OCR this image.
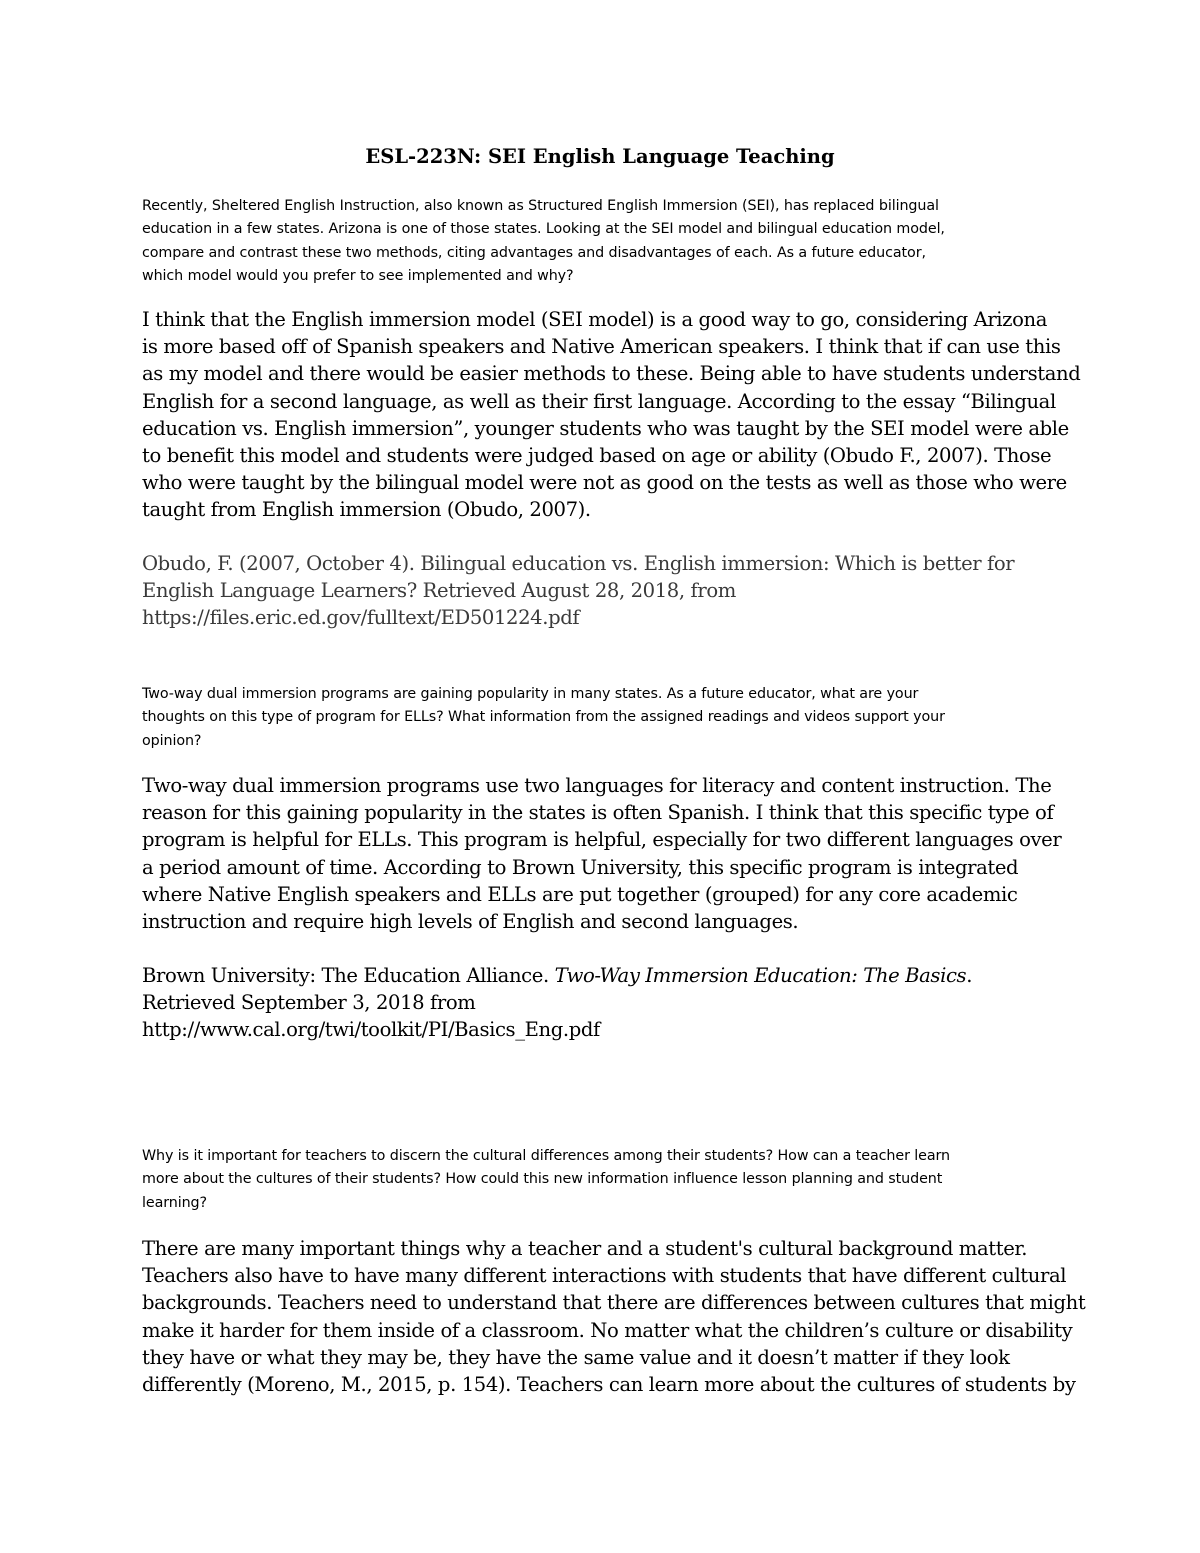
ESL-223N: SEI English Language Teaching

Recently, Sheltered English Instruction, also known as Structured English Immersion (SEI), has replaced bilingual
education in a few states. Arizona is one of those states. Looking at the SEI model and bilingual education model,
compare and contrast these two methods, citing advantages and disadvantages of each. As a future educator,
which model would you prefer to see implemented and why?

I think that the English immersion model (SEI model) is a good way to go, considering Arizona
is more based off of Spanish speakers and Native American speakers. I think that if can use this
as my model and there would be easier methods to these. Being able to have students understand
English for a second language, as well as their first language. According to the essay “Bilingual
education vs. English immersion”, younger students who was taught by the SEI model were able
to benefit this model and students were judged based on age or ability (Obudo F., 2007). Those
who were taught by the bilingual model were not as good on the tests as well as those who were
taught from English immersion (Obudo, 2007).

Obudo, F. (2007, October 4). Bilingual education vs. English immersion: Which is better for
English Language Learners? Retrieved August 28, 2018, from
https://files.eric.ed.gov/fulltext/ED501224.pdf

Two-way dual immersion programs are gaining popularity in many states. As a future educator, what are your
thoughts on this type of program for ELLs? What information from the assigned readings and videos support your
opinion?

Two-way dual immersion programs use two languages for literacy and content instruction. The
reason for this gaining popularity in the states is often Spanish. I think that this specific type of
program is helpful for ELLs. This program is helpful, especially for two different languages over
a period amount of time. According to Brown University, this specific program is integrated
where Native English speakers and ELLs are put together (grouped) for any core academic
instruction and require high levels of English and second languages.

Brown University: The Education Alliance. Two-Way Immersion Education: The Basics.
Retrieved September 3, 2018 from
http://www.cal.org/twi/toolkit/PI/Basics_Eng.pdf

Why is it important for teachers to discern the cultural differences among their students? How can a teacher learn
more about the cultures of their students? How could this new information influence lesson planning and student
learning?

There are many important things why a teacher and a student's cultural background matter.
Teachers also have to have many different interactions with students that have different cultural
backgrounds. Teachers need to understand that there are differences between cultures that might
make it harder for them inside of a classroom. No matter what the children’s culture or disability
they have or what they may be, they have the same value and it doesn’t matter if they look
differently (Moreno, M., 2015, p. 154). Teachers can learn more about the cultures of students by
